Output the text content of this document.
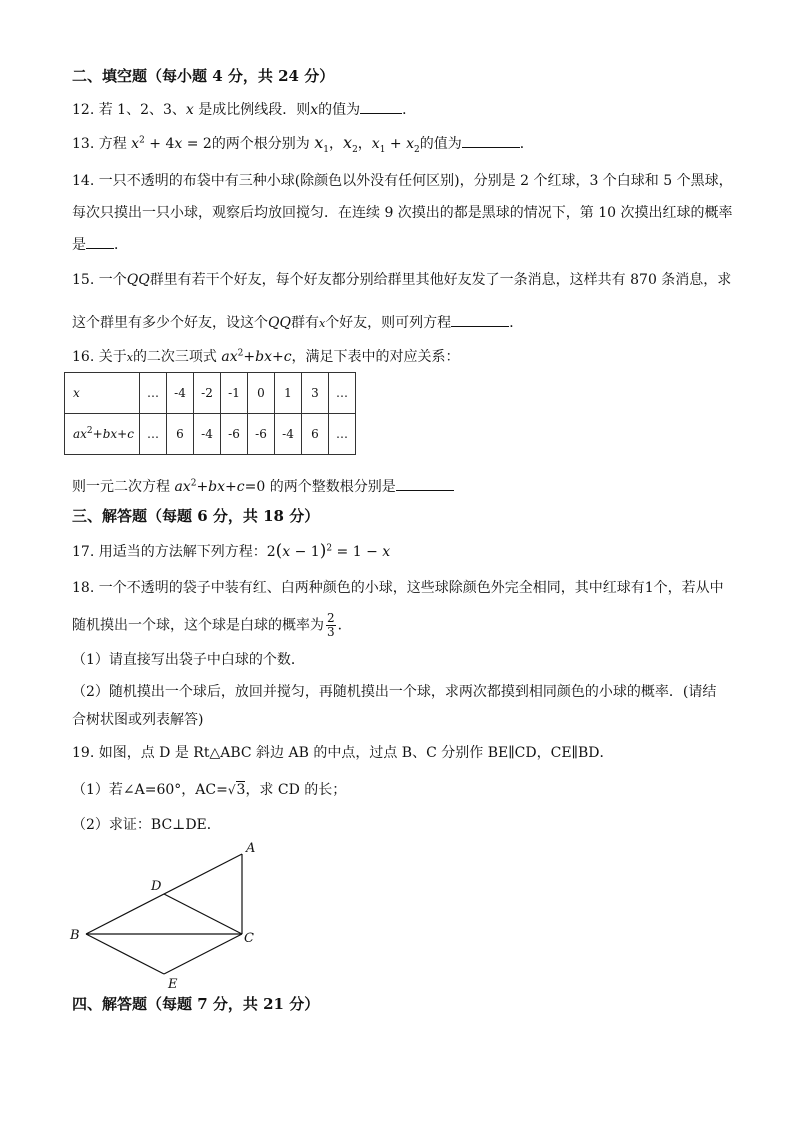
二、填空题（每小题 4 分，共 24 分）
12. 若 1、2、3、x 是成比例线段．则x的值为	．
13. 方程 $x^2 + 4x = 2$的两个根分别为 $x_1$，$x_2$，$x_1 + x_2$的值为	．
14. 一只不透明的布袋中有三种小球(除颜色以外没有任何区别)，分别是 2 个红球，3 个白球和 5 个黑球，
每次只摸出一只小球，观察后均放回搅匀．在连续 9 次摸出的都是黑球的情况下，第 10 次摸出红球的概率
是 ．
15. 一个QQ群里有若干个好友，每个好友都分别给群里其他好友发了一条消息，这样共有 870 条消息，求
这个群里有多少个好友，设这个QQ群有x个好友，则可列方程	．
16. 关于x的二次三项式 $ax^2+bx+c$，满足下表中的对应关系：
x	…	-4	-2	-1	0	1	3	…
$ax^2+bx+c$	…	6	-4	-6	-6	-4	6	…
则一元二次方程 $ax^2+bx+c=0$ 的两个整数根分别是
三、解答题（每题 6 分，共 18 分）
17. 用适当的方法解下列方程：$2(x - 1)^2 = 1 - x$
18. 一个不透明的袋子中装有红、白两种颜色的小球，这些球除颜色外完全相同，其中红球有1个，若从中
随机摸出一个球，这个球是白球的概率为 $\frac{2}{3}$ ．
（1）请直接写出袋子中白球的个数．
（2）随机摸出一个球后，放回并搅匀，再随机摸出一个球，求两次都摸到相同颜色的小球的概率．(请结
合树状图或列表解答)
19. 如图，点 D 是 Rt△ABC 斜边 AB 的中点，过点 B、C 分别作 BE∥CD，CE∥BD．
（1）若∠A=60°，AC=√3，求 CD 的长；
（2）求证：BC⊥DE．
A
D
B	C
E
四、解答题（每题 7 分，共 21 分）
